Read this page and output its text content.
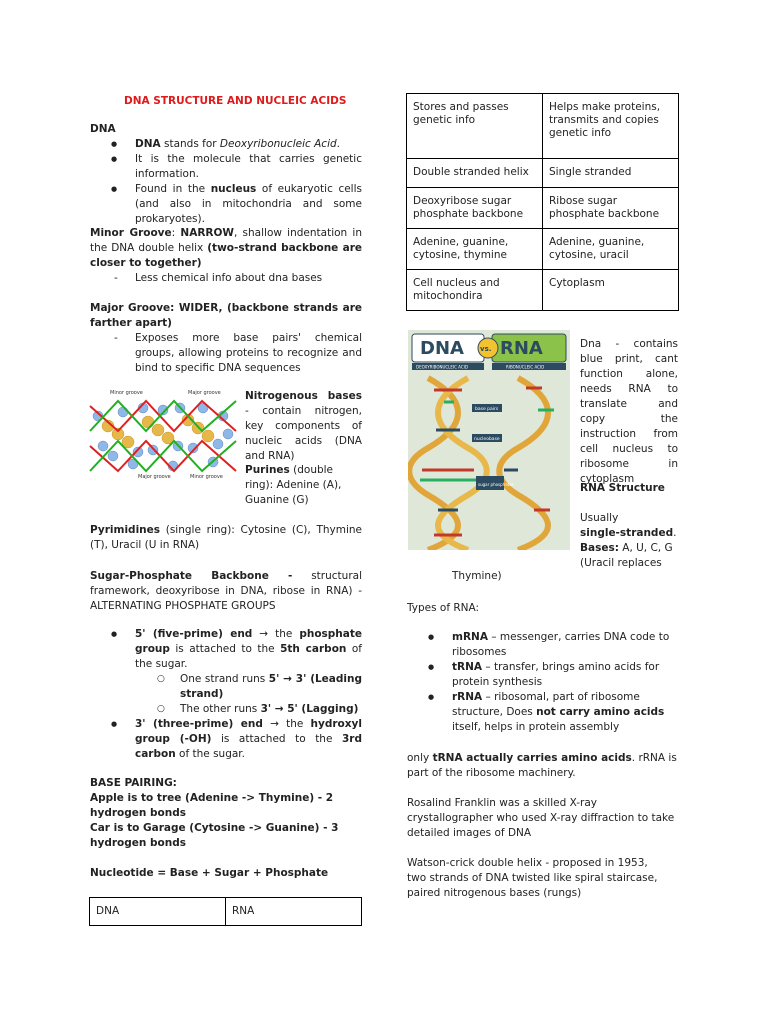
DNA STRUCTURE AND NUCLEIC ACIDS
DNA
● DNA stands for Deoxyribonucleic Acid.
● It is the molecule that carries genetic information.
● Found in the nucleus of eukaryotic cells (and also in mitochondria and some prokaryotes).
Minor Groove: NARROW, shallow indentation in the DNA double helix (two-strand backbone are closer to together)
- Less chemical info about dna bases
Major Groove: WIDER, (backbone strands are farther apart)
- Exposes more base pairs' chemical groups, allowing proteins to recognize and bind to specific DNA sequences
Minor groove	Major groove
Major groove	Minor groove
Nitrogenous bases - contain nitrogen, key components of nucleic acids (DNA and RNA)
Purines (double ring): Adenine (A), Guanine (G)
Pyrimidines (single ring): Cytosine (C), Thymine (T), Uracil (U in RNA)
Sugar-Phosphate Backbone - structural framework, deoxyribose in DNA, ribose in RNA) - ALTERNATING PHOSPHATE GROUPS
● 5' (five-prime) end → the phosphate group is attached to the 5th carbon of the sugar.
○ One strand runs 5' → 3' (Leading strand)
○ The other runs 3' → 5' (Lagging)
● 3' (three-prime) end → the hydroxyl group (-OH) is attached to the 3rd carbon of the sugar.
BASE PAIRING:
Apple is to tree (Adenine -> Thymine) - 2 hydrogen bonds
Car is to Garage (Cytosine -> Guanine) - 3 hydrogen bonds
Nucleotide = Base + Sugar + Phosphate
DNA	RNA
Stores and passes genetic info	Helps make proteins, transmits and copies genetic info
Double stranded helix	Single stranded
Deoxyribose sugar phosphate backbone	Ribose sugar phosphate backbone
Adenine, guanine, cytosine, thymine	Adenine, guanine, cytosine, uracil
Cell nucleus and mitochondira	Cytoplasm
DNA RNA
vs.
DEOXYRIBONUCLEIC ACID	RIBONUCLEIC ACID
base pairs
nucleobase
sugar phosphates
Dna - contains blue print, cant function alone, needs RNA to translate and copy the instruction from cell nucleus to ribosome in cytoplasm
RNA Structure
Usually
single-stranded.
Bases: A, U, C, G
(Uracil replaces
Thymine)
Types of RNA:
● mRNA – messenger, carries DNA code to ribosomes
● tRNA – transfer, brings amino acids for protein synthesis
● rRNA – ribosomal, part of ribosome structure, Does not carry amino acids itself, helps in protein assembly
only tRNA actually carries amino acids. rRNA is part of the ribosome machinery.
Rosalind Franklin was a skilled X-ray crystallographer who used X-ray diffraction to take detailed images of DNA
Watson-crick double helix - proposed in 1953, two strands of DNA twisted like spiral staircase, paired nitrogenous bases (rungs)
